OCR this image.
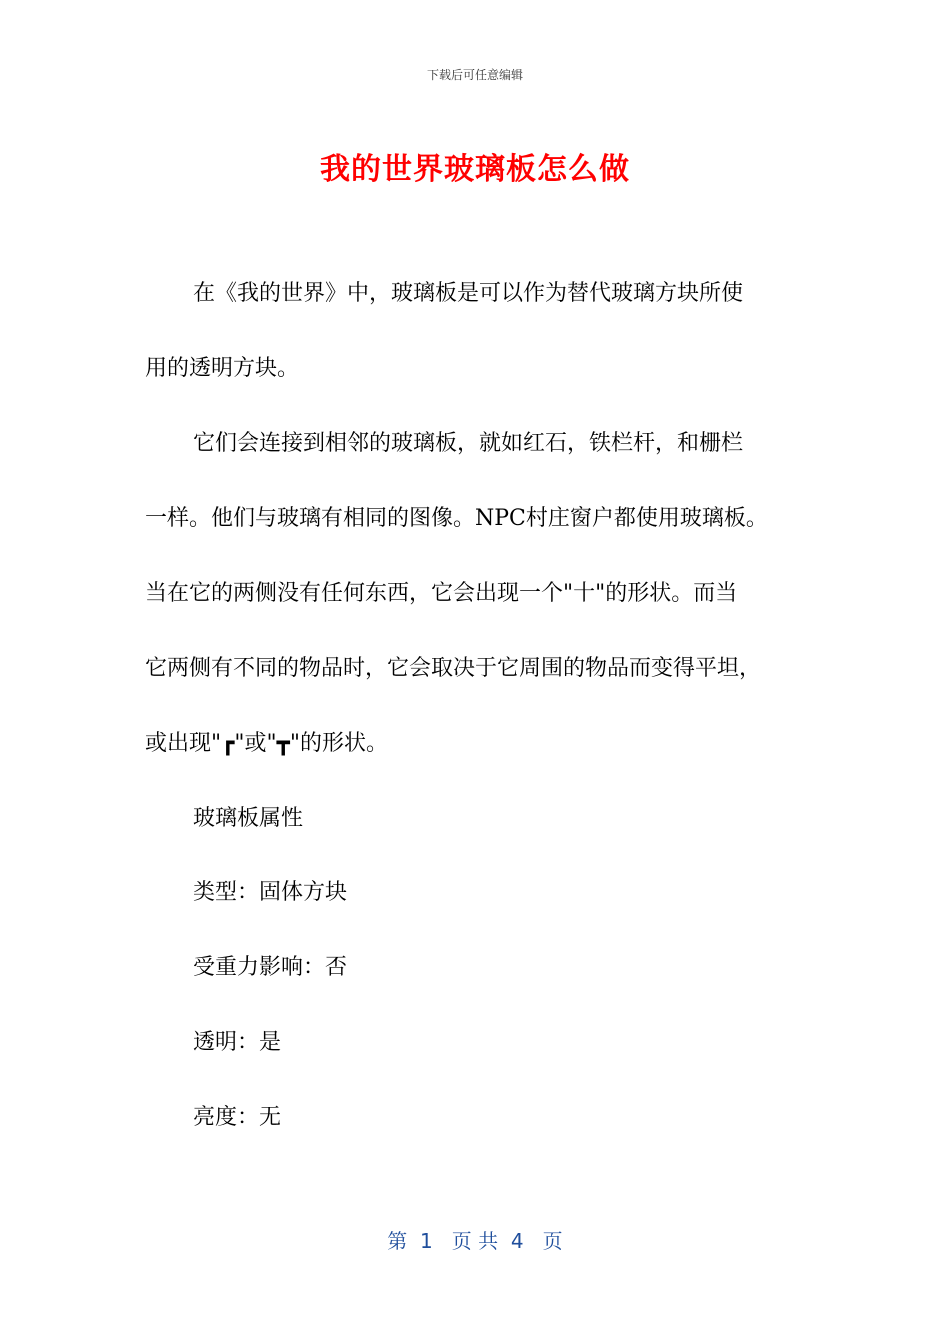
下载后可任意编辑
我的世界玻璃板怎么做
在《我的世界》中，玻璃板是可以作为替代玻璃方块所使
用的透明方块。
它们会连接到相邻的玻璃板，就如红石，铁栏杆，和栅栏
一样。他们与玻璃有相同的图像。NPC村庄窗户都使用玻璃板。
当在它的两侧没有任何东西，它会出现一个"十"的形状。而当
它两侧有不同的物品时，它会取决于它周围的物品而变得平坦，
或出现"┏"或"┳"的形状。
玻璃板属性
类型：固体方块
受重力影响：否
透明：是
亮度：无
第  1   页 共  4   页
